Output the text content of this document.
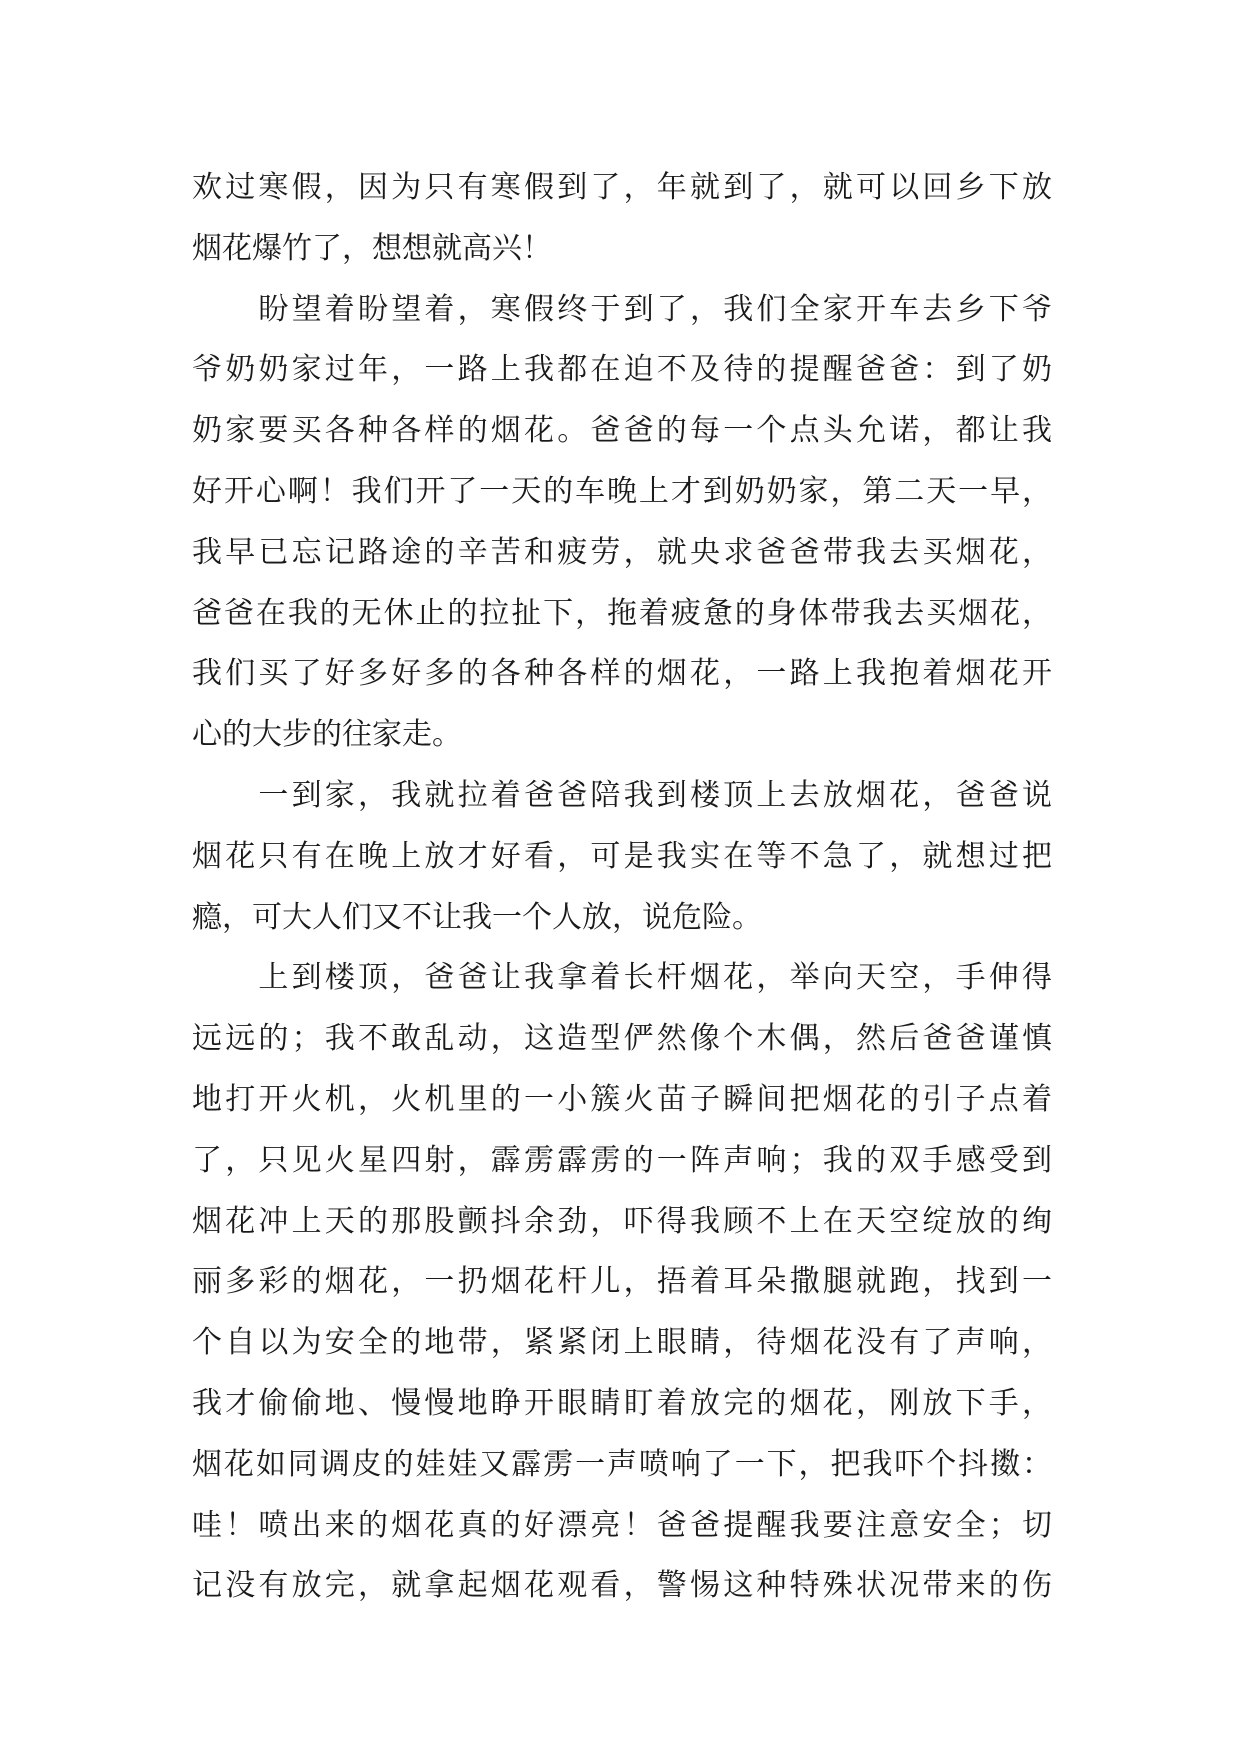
欢过寒假，因为只有寒假到了，年就到了，就可以回乡下放
烟花爆竹了，想想就高兴！
　　盼望着盼望着，寒假终于到了，我们全家开车去乡下爷
爷奶奶家过年，一路上我都在迫不及待的提醒爸爸：到了奶
奶家要买各种各样的烟花。爸爸的每一个点头允诺，都让我
好开心啊！我们开了一天的车晚上才到奶奶家，第二天一早，
我早已忘记路途的辛苦和疲劳，就央求爸爸带我去买烟花，
爸爸在我的无休止的拉扯下，拖着疲惫的身体带我去买烟花，
我们买了好多好多的各种各样的烟花，一路上我抱着烟花开
心的大步的往家走。
　　一到家，我就拉着爸爸陪我到楼顶上去放烟花，爸爸说
烟花只有在晚上放才好看，可是我实在等不急了，就想过把
瘾，可大人们又不让我一个人放，说危险。
　　上到楼顶，爸爸让我拿着长杆烟花，举向天空，手伸得
远远的；我不敢乱动，这造型俨然像个木偶，然后爸爸谨慎
地打开火机，火机里的一小簇火苗子瞬间把烟花的引子点着
了，只见火星四射，霹雳霹雳的一阵声响；我的双手感受到
烟花冲上天的那股颤抖余劲，吓得我顾不上在天空绽放的绚
丽多彩的烟花，一扔烟花杆儿，捂着耳朵撒腿就跑，找到一
个自以为安全的地带，紧紧闭上眼睛，待烟花没有了声响，
我才偷偷地、慢慢地睁开眼睛盯着放完的烟花，刚放下手，
烟花如同调皮的娃娃又霹雳一声喷响了一下，把我吓个抖擞：
哇！喷出来的烟花真的好漂亮！爸爸提醒我要注意安全；切
记没有放完，就拿起烟花观看，警惕这种特殊状况带来的伤
